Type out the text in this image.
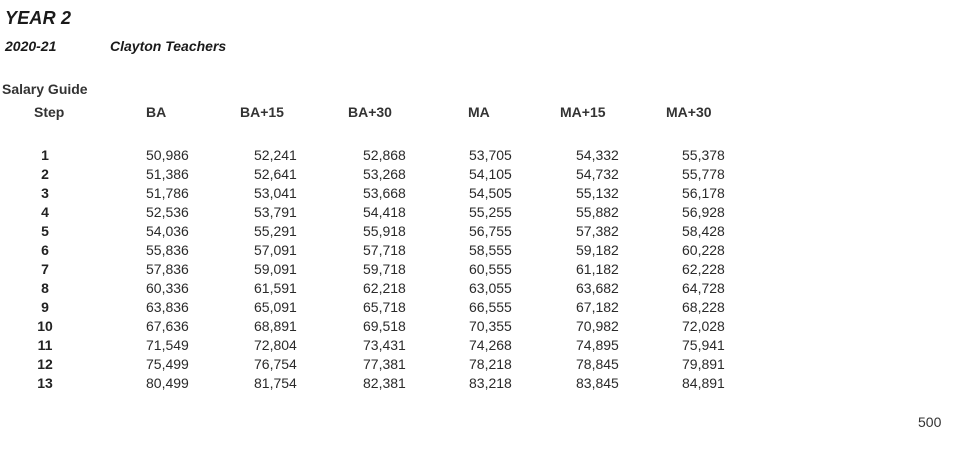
YEAR 2
2020-21	Clayton Teachers
Salary Guide
Step	BA	BA+15	BA+30	MA	MA+15	MA+30
1	50,986	52,241	52,868	53,705	54,332	55,378
2	51,386	52,641	53,268	54,105	54,732	55,778
3	51,786	53,041	53,668	54,505	55,132	56,178
4	52,536	53,791	54,418	55,255	55,882	56,928
5	54,036	55,291	55,918	56,755	57,382	58,428
6	55,836	57,091	57,718	58,555	59,182	60,228
7	57,836	59,091	59,718	60,555	61,182	62,228
8	60,336	61,591	62,218	63,055	63,682	64,728
9	63,836	65,091	65,718	66,555	67,182	68,228
10	67,636	68,891	69,518	70,355	70,982	72,028
11	71,549	72,804	73,431	74,268	74,895	75,941
12	75,499	76,754	77,381	78,218	78,845	79,891
13	80,499	81,754	82,381	83,218	83,845	84,891
500
